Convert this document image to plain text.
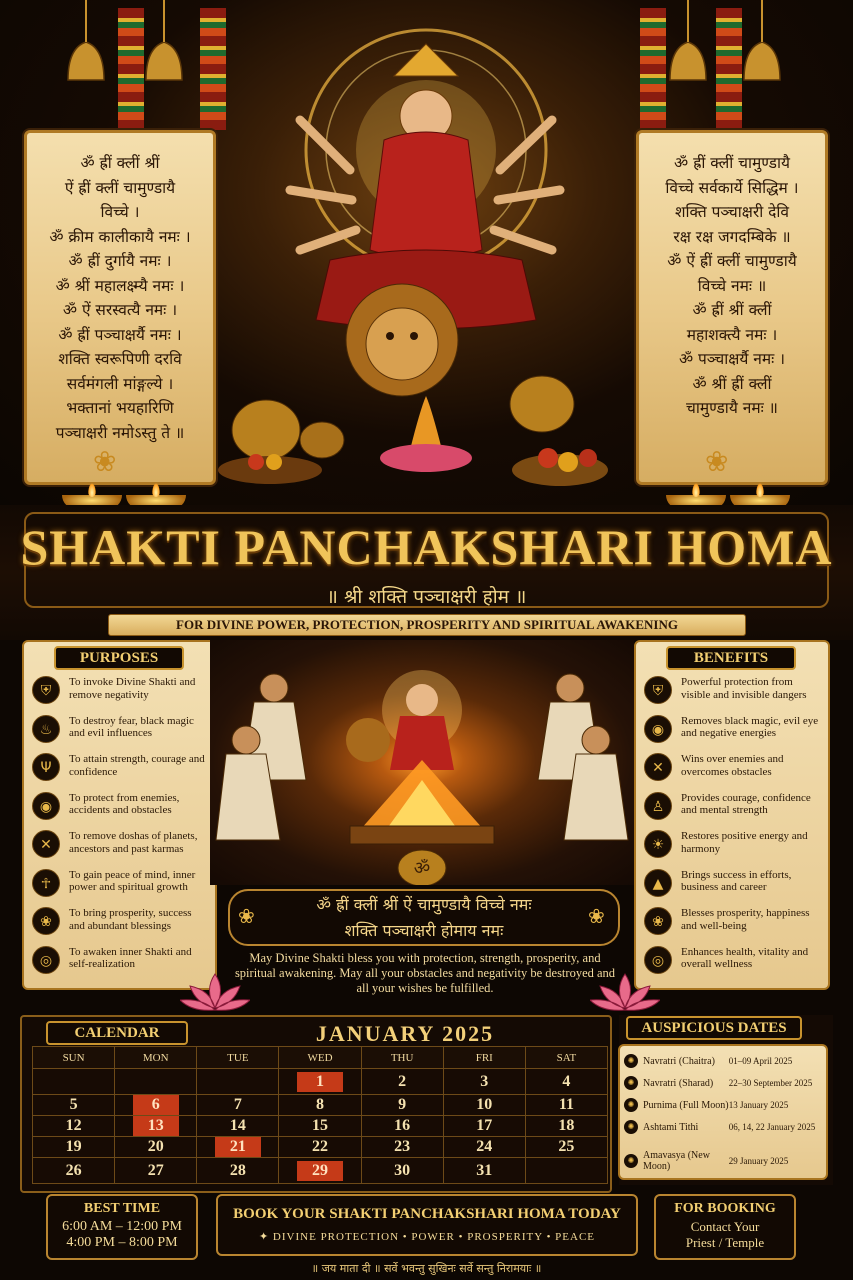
ॐ ह्रीं क्लीं श्रीं

ऐं ह्रीं क्लीं चामुण्डायै

विच्चे ।

ॐ क्रीम कालीकायै नमः ।

ॐ ह्रीं दुर्गायै नमः ।

ॐ श्रीं महालक्ष्म्यै नमः ।

ॐ ऐं सरस्वत्यै नमः ।

ॐ ह्रीं पञ्चाक्षर्यै नमः ।

शक्ति स्वरूपिणी दरवि

सर्वमंगली मांङ्गल्ये ।

भक्तानां भयहारिणि

पञ्चाक्षरी नमोऽस्तु ते ॥

❀

ॐ ह्रीं क्लीं चामुण्डायै

विच्चे सर्वकार्ये सिद्धिम ।

शक्ति पञ्चाक्षरी देवि

रक्ष रक्ष जगदम्बिके ॥

ॐ ऐं ह्रीं क्लीं चामुण्डायै

विच्चे नमः ॥

ॐ ह्रीं श्रीं क्लीं

महाशक्त्यै नमः ।

ॐ पञ्चाक्षर्यै नमः ।

ॐ श्रीं ह्रीं क्लीं

चामुण्डायै नमः ॥

❀
SHAKTI PANCHAKSHARI HOMA
॥ श्री शक्ति पञ्चाक्षरी होम ॥
FOR DIVINE POWER, PROTECTION, PROSPERITY AND SPIRITUAL AWAKENING
PURPOSES
⛨
To invoke Divine Shakti and remove negativity
♨
To destroy fear, black magic and evil influences
Ψ
To attain strength, courage and confidence
◉
To protect from enemies, accidents and obstacles
✕
To remove doshas of planets, ancestors and past karmas
☥
To gain peace of mind, inner power and spiritual growth
❀
To bring prosperity, success and abundant blessings
◎
To awaken inner Shakti and self-realization
BENEFITS
⛨
Powerful protection from visible and invisible dangers
◉
Removes black magic, evil eye and negative energies
✕
Wins over enemies and overcomes obstacles
♙
Provides courage, confidence and mental strength
☀
Restores positive energy and harmony
▲
Brings success in efforts, business and career
❀
Blesses prosperity, happiness and well-being
◎
Enhances health, vitality and overall wellness
ॐ
❀	❀
ॐ ह्रीं क्लीं श्रीं ऐं चामुण्डायै विच्चे नमः
शक्ति पञ्चाक्षरी होमाय नमः
May Divine Shakti bless you with protection, strength, prosperity, and spiritual awakening. May all your obstacles and negativity be destroyed and all your wishes be fulfilled.
CALENDAR	JANUARY 2025
SUN	MON	TUE	WED	THU	FRI	SAT
			1	2	3	4
5	6	7	8	9	10	11
12	13	14	15	16	17	18
19	20	21	22	23	24	25
26	27	28	29	30	31	
AUSPICIOUS DATES
✺ Navratri (Chaitra)	01–09 April 2025
✺ Navratri (Sharad)	22–30 September 2025
✺ Purnima (Full Moon) 13 January 2025
✺ Ashtami Tithi	06, 14, 22 January 2025
✺ Amavasya (New Moon)	29 January 2025
BEST TIME
6:00 AM – 12:00 PM
4:00 PM – 8:00 PM
BOOK YOUR SHAKTI PANCHAKSHARI HOMA TODAY
✦ DIVINE PROTECTION • POWER • PROSPERITY • PEACE
FOR BOOKING
Contact Your
Priest / Temple
॥ जय माता दी ॥ सर्वे भवन्तु सुखिनः सर्वे सन्तु निरामयाः ॥
